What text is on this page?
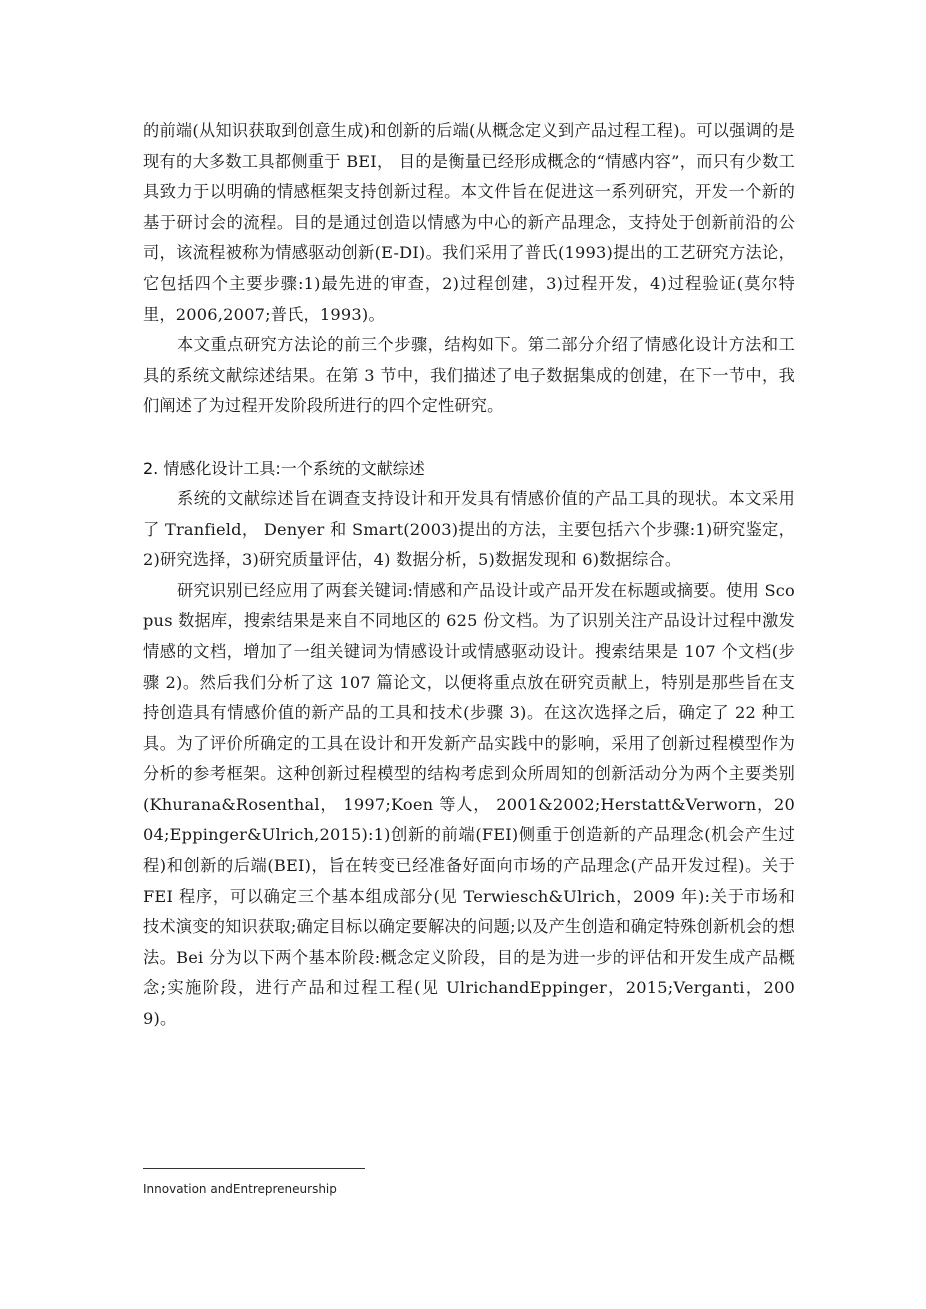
的前端(从知识获取到创意生成)和创新的后端(从概念定义到产品过程工程)。可以强调的是现有的大多数工具都侧重于 BEI， 目的是衡量已经形成概念的“情感内容”，而只有少数工具致力于以明确的情感框架支持创新过程。本文件旨在促进这一系列研究，开发一个新的基于研讨会的流程。目的是通过创造以情感为中心的新产品理念，支持处于创新前沿的公司，该流程被称为情感驱动创新(E-DI)。我们采用了普氏(1993)提出的工艺研究方法论，它包括四个主要步骤:1)最先进的审查，2)过程创建，3)过程开发，4)过程验证(莫尔特里，2006,2007;普氏，1993)。

本文重点研究方法论的前三个步骤，结构如下。第二部分介绍了情感化设计方法和工具的系统文献综述结果。在第 3 节中，我们描述了电子数据集成的创建，在下一节中，我们阐述了为过程开发阶段所进行的四个定性研究。

2. 情感化设计工具:一个系统的文献综述

系统的文献综述旨在调查支持设计和开发具有情感价值的产品工具的现状。本文采用了 Tranfield， Denyer 和 Smart(2003)提出的方法，主要包括六个步骤:1)研究鉴定，2)研究选择，3)研究质量评估，4) 数据分析，5)数据发现和 6)数据综合。

研究识别已经应用了两套关键词:情感和产品设计或产品开发在标题或摘要。使用 Scopus 数据库，搜索结果是来自不同地区的 625 份文档。为了识别关注产品设计过程中激发情感的文档，增加了一组关键词为情感设计或情感驱动设计。搜索结果是 107 个文档(步骤 2)。然后我们分析了这 107 篇论文，以便将重点放在研究贡献上，特别是那些旨在支持创造具有情感价值的新产品的工具和技术(步骤 3)。在这次选择之后，确定了 22 种工具。为了评价所确定的工具在设计和开发新产品实践中的影响，采用了创新过程模型作为分析的参考框架。这种创新过程模型的结构考虑到众所周知的创新活动分为两个主要类别(Khurana&Rosenthal， 1997;Koen 等人， 2001&2002;Herstatt&Verworn，2004;Eppinger&Ulrich,2015):1)创新的前端(FEI)侧重于创造新的产品理念(机会产生过程)和创新的后端(BEI)，旨在转变已经准备好面向市场的产品理念(产品开发过程)。关于 FEI 程序，可以确定三个基本组成部分(见 Terwiesch&Ulrich，2009 年):关于市场和技术演变的知识获取;确定目标以确定要解决的问题;以及产生创造和确定特殊创新机会的想法。Bei 分为以下两个基本阶段:概念定义阶段，目的是为进一步的评估和开发生成产品概念;实施阶段，进行产品和过程工程(见 UlrichandEppinger，2015;Verganti，2009)。

Innovation andEntrepreneurship
